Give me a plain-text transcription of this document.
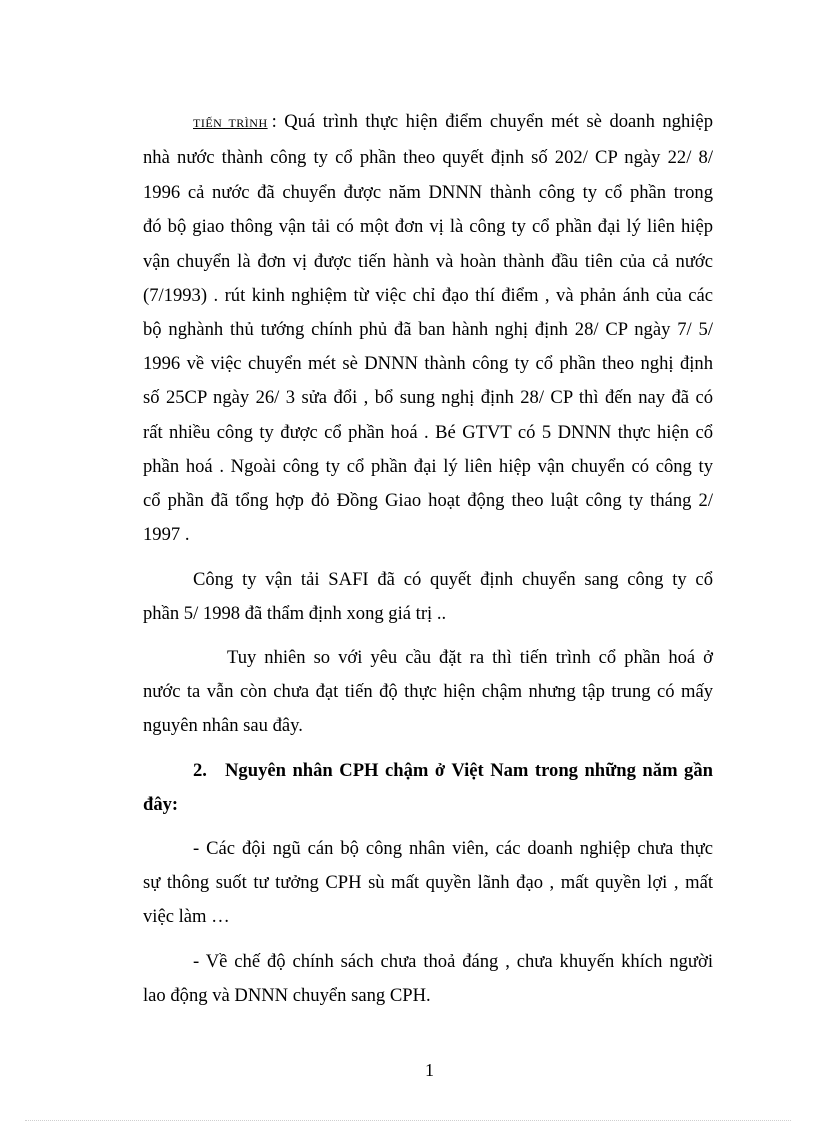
TIẾN TRÌNH : Quá trình thực hiện điểm chuyển mét sè doanh nghiệp
nhà nước thành công ty cổ phần theo quyết định số 202/ CP ngày 22/ 8/
1996 cả nước đã chuyển được năm DNNN thành công ty cổ phần trong
đó bộ giao thông vận tải có một đơn vị là công ty cổ phần đại lý liên hiệp
vận chuyển là đơn vị được tiến hành và hoàn thành đầu tiên của cả nước
(7/1993) . rút kinh nghiệm từ việc chỉ đạo thí điểm , và phản ánh của các
bộ nghành thủ tướng chính phủ đã ban hành nghị định 28/ CP ngày 7/ 5/
1996 về việc chuyển mét sè DNNN thành công ty cổ phần theo nghị định
số 25CP ngày 26/ 3 sửa đổi , bổ sung nghị định 28/ CP thì đến nay đã có
rất nhiều công ty được cổ phần hoá . Bé GTVT có 5 DNNN thực hiện cổ
phần hoá . Ngoài công ty cổ phần đại lý liên hiệp vận chuyển có công ty
cổ phần đã tổng hợp đỏ Đồng Giao hoạt động theo luật công ty tháng 2/
1997 .
Công ty vận tải SAFI đã có quyết định chuyển sang công ty cổ
phần 5/ 1998 đã thẩm định xong giá trị ..
Tuy nhiên so với yêu cầu đặt ra thì tiến trình cổ phần hoá ở
nước ta vẫn còn chưa đạt tiến độ thực hiện chậm nhưng tập trung có mấy
nguyên nhân sau đây.
2. Nguyên nhân CPH chậm ở Việt Nam trong những năm gần
đây:
- Các đội ngũ cán bộ công nhân viên, các doanh nghiệp chưa thực
sự thông suốt tư tưởng CPH sù mất quyền lãnh đạo , mất quyền lợi , mất
việc làm …
- Về chế độ chính sách chưa thoả đáng , chưa khuyến khích người
lao động và DNNN chuyển sang CPH.
1
